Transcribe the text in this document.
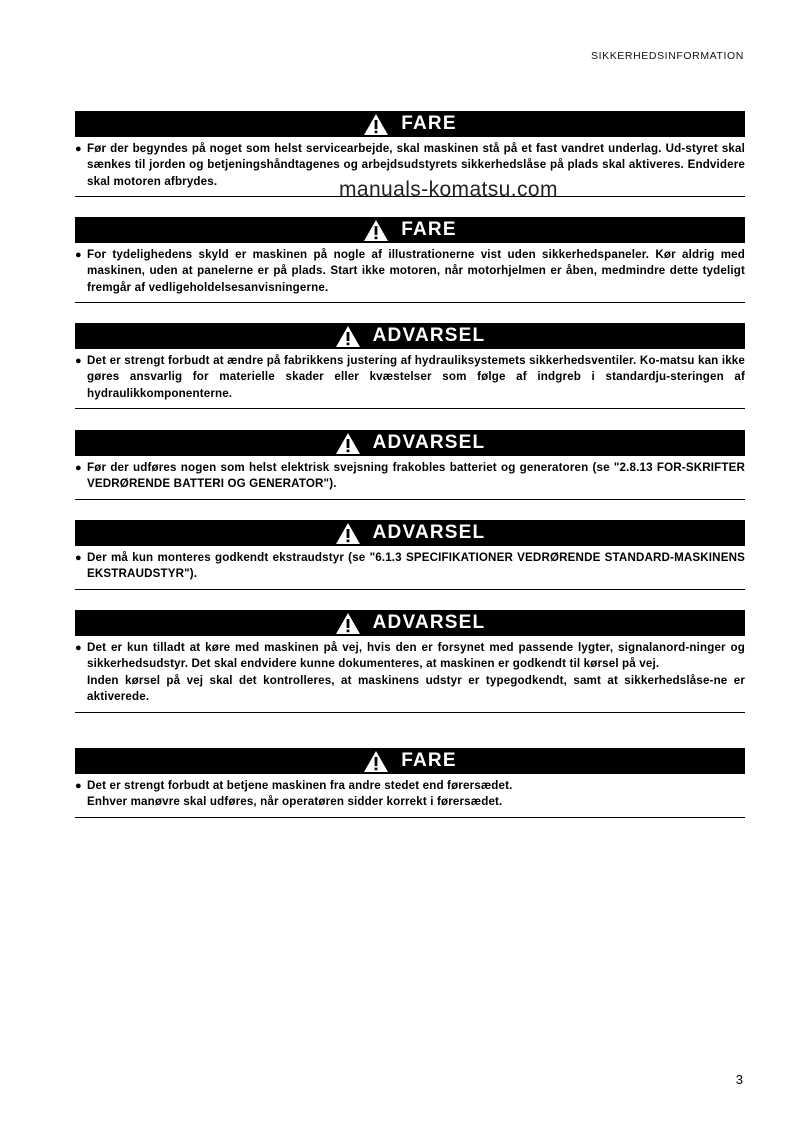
SIKKERHEDSINFORMATION
FARE
● Før der begyndes på noget som helst servicearbejde, skal maskinen stå på et fast vandret underlag. Ud-styret skal sænkes til jorden og betjeningshåndtagenes og arbejdsudstyrets sikkerhedslåse på plads skal aktiveres. Endvidere skal motoren afbrydes.
FARE
● For tydelighedens skyld er maskinen på nogle af illustrationerne vist uden sikkerhedspaneler. Kør aldrig med maskinen, uden at panelerne er på plads. Start ikke motoren, når motorhjelmen er åben, medmindre dette tydeligt fremgår af vedligeholdelsesanvisningerne.
ADVARSEL
● Det er strengt forbudt at ændre på fabrikkens justering af hydrauliksystemets sikkerhedsventiler. Ko-matsu kan ikke gøres ansvarlig for materielle skader eller kvæstelser som følge af indgreb i standardju-steringen af hydraulikkomponenterne.
ADVARSEL
● Før der udføres nogen som helst elektrisk svejsning frakobles batteriet og generatoren (se "2.8.13 FOR-SKRIFTER VEDRØRENDE BATTERI OG GENERATOR").
ADVARSEL
● Der må kun monteres godkendt ekstraudstyr (se "6.1.3 SPECIFIKATIONER VEDRØRENDE STANDARD-MASKINENS EKSTRAUDSTYR").
ADVARSEL
● Det er kun tilladt at køre med maskinen på vej, hvis den er forsynet med passende lygter, signalanord-ninger og sikkerhedsudstyr. Det skal endvidere kunne dokumenteres, at maskinen er godkendt til kørsel på vej.
Inden kørsel på vej skal det kontrolleres, at maskinens udstyr er typegodkendt, samt at sikkerhedslåse-ne er aktiverede.
FARE
● Det er strengt forbudt at betjene maskinen fra andre stedet end førersædet.
Enhver manøvre skal udføres, når operatøren sidder korrekt i førersædet.
manuals-komatsu.com
3
